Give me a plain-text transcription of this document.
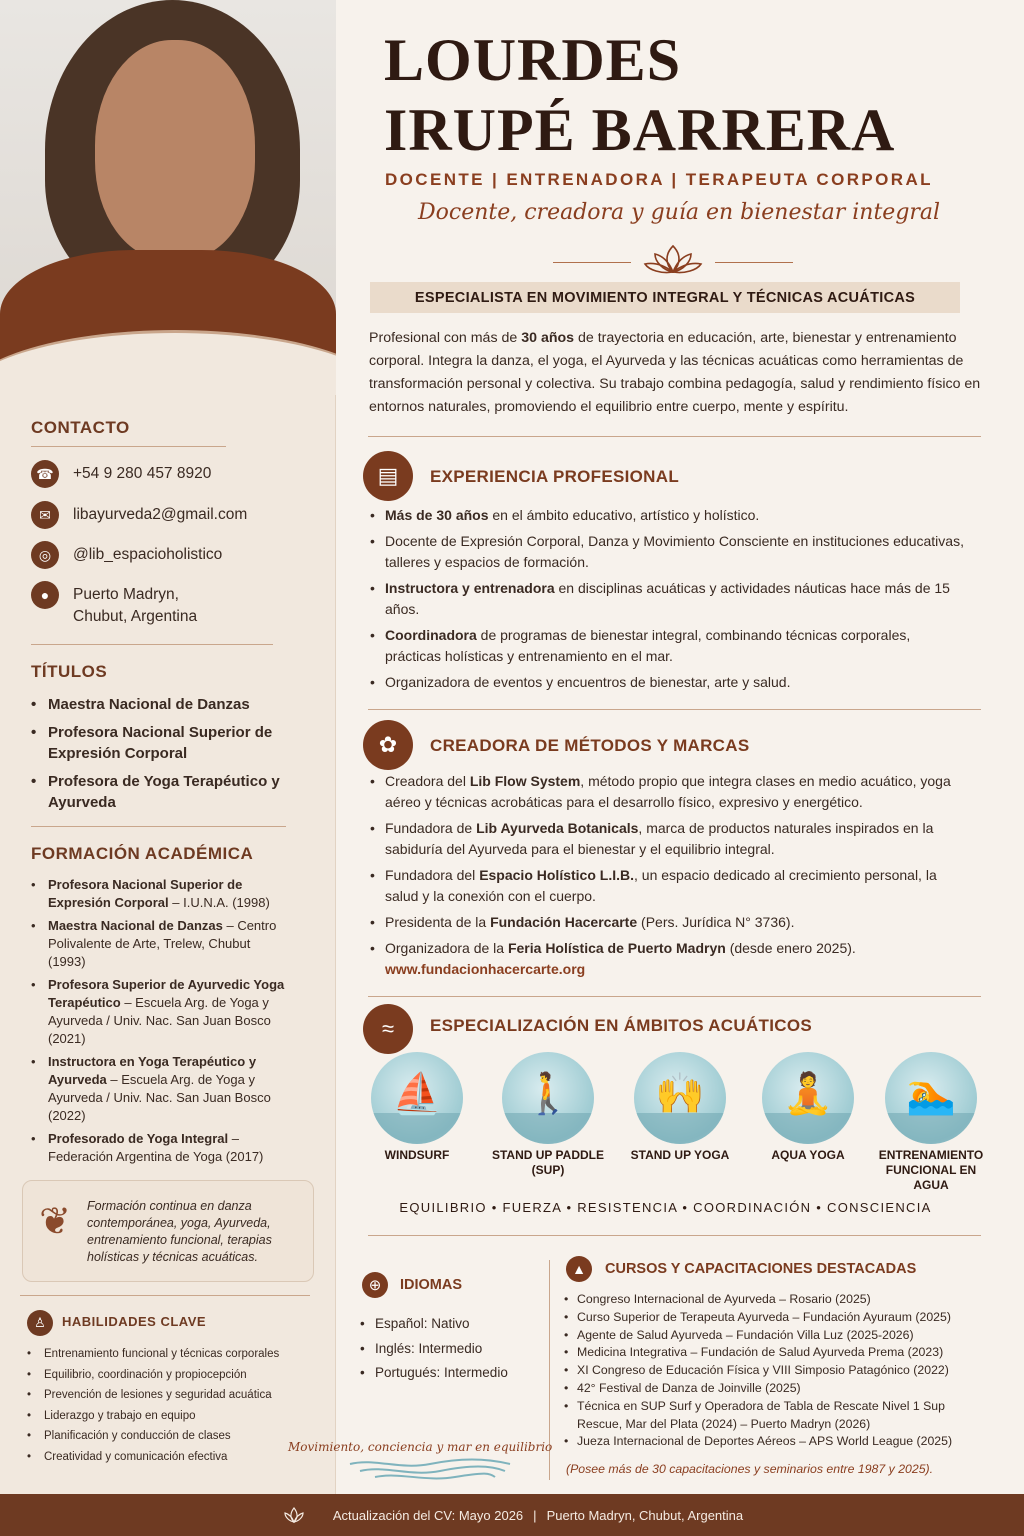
CONTACTO
☎	+54 9 280 457 8920
✉	libayurveda2@gmail.com
◎	@lib_espacioholistico
●	Puerto Madryn,
Chubut, Argentina
TÍTULOS
• Maestra Nacional de Danzas
• Profesora Nacional Superior de Expresión Corporal
• Profesora de Yoga Terapéutico y Ayurveda
FORMACIÓN ACADÉMICA
• Profesora Nacional Superior de Expresión Corporal – I.U.N.A. (1998)
• Maestra Nacional de Danzas – Centro Polivalente de Arte, Trelew, Chubut (1993)
• Profesora Superior de Ayurvedic Yoga Terapéutico – Escuela Arg. de Yoga y Ayurveda / Univ. Nac. San Juan Bosco (2021)
• Instructora en Yoga Terapéutico y Ayurveda – Escuela Arg. de Yoga y Ayurveda / Univ. Nac. San Juan Bosco (2022)
• Profesorado de Yoga Integral – Federación Argentina de Yoga (2017)
❦ Formación continua en danza contemporánea, yoga, Ayurveda, entrenamiento funcional, terapias holísticas y técnicas acuáticas.
♙	HABILIDADES CLAVE
• Entrenamiento funcional y técnicas corporales
• Equilibrio, coordinación y propiocepción
• Prevención de lesiones y seguridad acuática
• Liderazgo y trabajo en equipo
• Planificación y conducción de clases
• Creatividad y comunicación efectiva
LOURDES
IRUPÉ BARRERA
DOCENTE | ENTRENADORA | TERAPEUTA CORPORAL
Docente, creadora y guía en bienestar integral
ESPECIALISTA EN MOVIMIENTO INTEGRAL Y TÉCNICAS ACUÁTICAS
Profesional con más de 30 años de trayectoria en educación, arte, bienestar y entrenamiento corporal. Integra la danza, el yoga, el Ayurveda y las técnicas acuáticas como herramientas de transformación personal y colectiva. Su trabajo combina pedagogía, salud y rendimiento físico en entornos naturales, promoviendo el equilibrio entre cuerpo, mente y espíritu.
▤	EXPERIENCIA PROFESIONAL
• Más de 30 años en el ámbito educativo, artístico y holístico.
• Docente de Expresión Corporal, Danza y Movimiento Consciente en instituciones educativas, talleres y espacios de formación.
• Instructora y entrenadora en disciplinas acuáticas y actividades náuticas hace más de 15 años.
• Coordinadora de programas de bienestar integral, combinando técnicas corporales, prácticas holísticas y entrenamiento en el mar.
• Organizadora de eventos y encuentros de bienestar, arte y salud.
✿	CREADORA DE MÉTODOS Y MARCAS
• Creadora del Lib Flow System, método propio que integra clases en medio acuático, yoga aéreo y técnicas acrobáticas para el desarrollo físico, expresivo y energético.
• Fundadora de Lib Ayurveda Botanicals, marca de productos naturales inspirados en la sabiduría del Ayurveda para el bienestar y el equilibrio integral.
• Fundadora del Espacio Holístico L.I.B., un espacio dedicado al crecimiento personal, la salud y la conexión con el cuerpo.
• Presidenta de la Fundación Hacercarte (Pers. Jurídica N° 3736).
• Organizadora de la Feria Holística de Puerto Madryn (desde enero 2025).
www.fundacionhacercarte.org
≈	ESPECIALIZACIÓN EN ÁMBITOS ACUÁTICOS
⛵
WINDSURF
🚶
STAND UP PADDLE (SUP)
🙌
STAND UP YOGA
🧘
AQUA YOGA
🏊
ENTRENAMIENTO FUNCIONAL EN AGUA
EQUILIBRIO • FUERZA • RESISTENCIA • COORDINACIÓN • CONSCIENCIA
⊕	IDIOMAS
• Español: Nativo
• Inglés: Intermedio
• Portugués: Intermedio
▲	CURSOS Y CAPACITACIONES DESTACADAS
• Congreso Internacional de Ayurveda – Rosario (2025)
• Curso Superior de Terapeuta Ayurveda – Fundación Ayuraum (2025)
• Agente de Salud Ayurveda – Fundación Villa Luz (2025-2026)
• Medicina Integrativa – Fundación de Salud Ayurveda Prema (2023)
• XI Congreso de Educación Física y VIII Simposio Patagónico (2022)
• 42° Festival de Danza de Joinville (2025)
• Técnica en SUP Surf y Operadora de Tabla de Rescate Nivel 1 Sup Rescue, Mar del Plata (2024) – Puerto Madryn (2026)
• Jueza Internacional de Deportes Aéreos – APS World League (2025)
(Posee más de 30 capacitaciones y seminarios entre 1987 y 2025).
Movimiento, conciencia y mar en equilibrio
Actualización del CV: Mayo 2026 | Puerto Madryn, Chubut, Argentina
